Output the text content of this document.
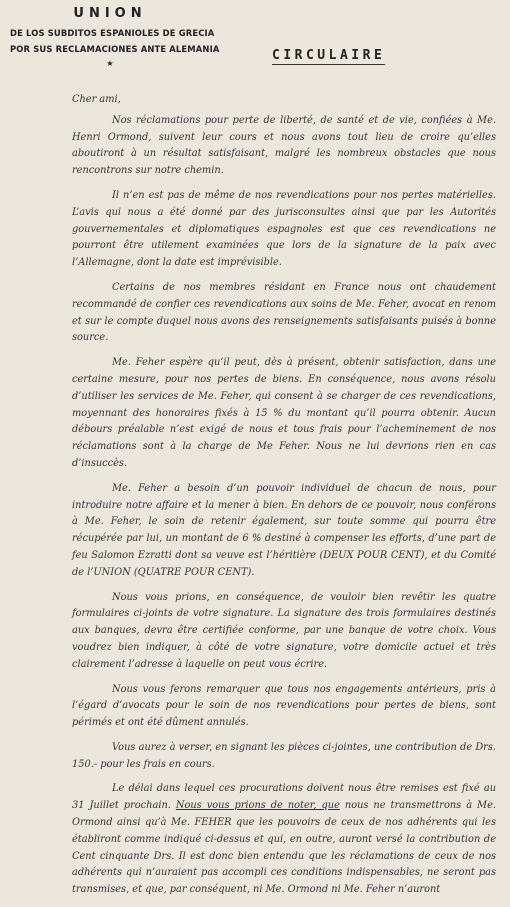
UNION
DE LOS SUBDITOS ESPANIOLES DE GRECIA
POR SUS RECLAMACIONES ANTE ALEMANIA
★
CIRCULAIRE
Cher ami,

Nos réclamations pour perte de liberté, de santé et de vie, confiées à Me. Henri Ormond, suivent leur cours et nous avons tout lieu de croire qu’elles aboutiront à un résultat satisfaisant, malgré les nombreux obstacles que nous rencontrons sur notre chemin.

Il n’en est pas de même de nos revendications pour nos pertes matérielles. L’avis qui nous a été donné par des jurisconsultes ainsi que par les Autorités gouvernementales et diplomatiques espagnoles est que ces revendications ne pourront être utilement examinées que lors de la signature de la paix avec l’Allemagne, dont la date est imprévisible.

Certains de nos membres résidant en France nous ont chaudement recommandé de confier ces revendications aux soins de Me. Feher, avocat en renom et sur le compte duquel nous avons des renseignements satisfaisants puisés à bonne source.

Me. Feher espère qu’il peut, dès à présent, obtenir satisfaction, dans une certaine mesure, pour nos pertes de biens. En conséquence, nous avons résolu d’utiliser les services de Me. Feher, qui consent à se charger de ces revendications, moyennant des honoraires fixés à 15 % du montant qu’il pourra obtenir. Aucun débours préalable n’est exigé de nous et tous frais pour l’acheminement de nos réclamations sont à la charge de Me Feher. Nous ne lui devrions rien en cas d’insuccès.

Me. Feher a besoin d’un pouvoir individuel de chacun de nous, pour introduire notre affaire et la mener à bien. En dehors de ce pouvoir, nous conférons à Me. Feher, le soin de retenir également, sur toute somme qui pourra être récupérée par lui, un montant de 6 % destiné à compenser les efforts, d’une part de feu Salomon Ezratti dont sa veuve est l’héritière (DEUX POUR CENT), et du Comité de l’UNION (QUATRE POUR CENT).

Nous vous prions, en conséquence, de vouloir bien revêtir les quatre formulaires ci-joints de votre signature. La signature des trois formulaires destinés aux banques, devra être certifiée conforme, par une banque de votre choix. Vous voudrez bien indiquer, à côté de votre signature, votre domicile actuel et très clairement l’adresse à laquelle on peut vous écrire.

Nous vous ferons remarquer que tous nos engagements antérieurs, pris à l’égard d’avocats pour le soin de nos revendications pour pertes de biens, sont périmés et ont été dûment annulés.

Vous aurez à verser, en signant les pièces ci-jointes, une contribution de Drs. 150.- pour les frais en cours.

Le délai dans lequel ces procurations doivent nous être remises est fixé au 31 Juillet prochain. Nous vous prions de noter, que nous ne transmettrons à Me. Ormond ainsi qu’à Me. FEHER que les pouvoirs de ceux de nos adhérents qui les établiront comme indiqué ci-dessus et qui, en outre, auront versé la contribution de Cent cinquante Drs. Il est donc bien entendu que les réclamations de ceux de nos adhérents qui n’auraient pas accompli ces conditions indispensables, ne seront pas transmises, et que, par conséquent, ni Me. Ormond ni Me. Feher n’auront
